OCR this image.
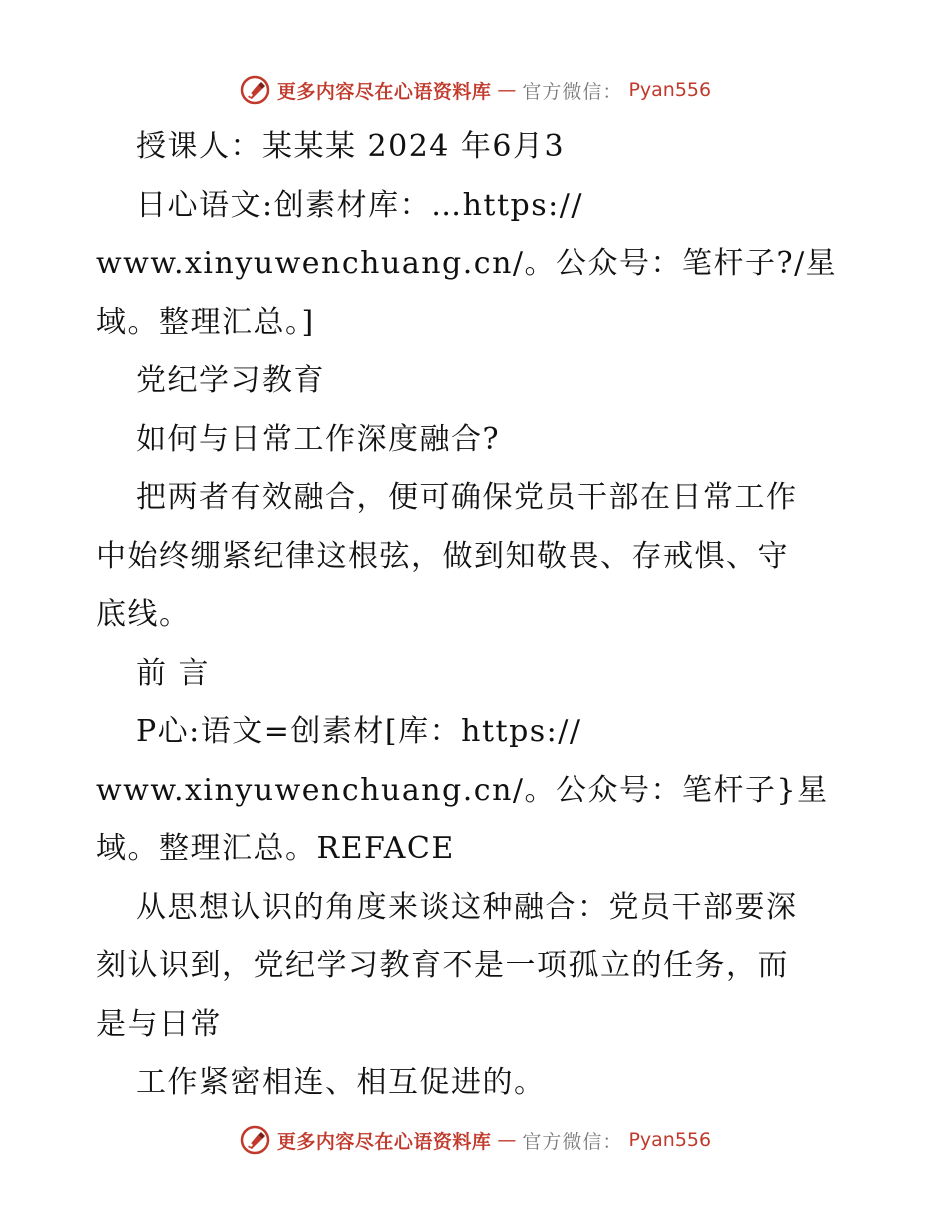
更多内容尽在心语资料库 — 官方微信： Pyan556
授课人：某某某 2024 年6月3
日心语文:创素材库：…https://
www.xinyuwenchuang.cn/。公众号：笔杆子?/星
域。整理汇总。]
党纪学习教育
如何与日常工作深度融合?
把两者有效融合，便可确保党员干部在日常工作
中始终绷紧纪律这根弦，做到知敬畏、存戒惧、守
底线。
前 言
P心:语文=创素材[库：https://
www.xinyuwenchuang.cn/。公众号：笔杆子}星
域。整理汇总。REFACE
从思想认识的角度来谈这种融合：党员干部要深
刻认识到，党纪学习教育不是一项孤立的任务，而
是与日常
工作紧密相连、相互促进的。
更多内容尽在心语资料库 — 官方微信： Pyan556
